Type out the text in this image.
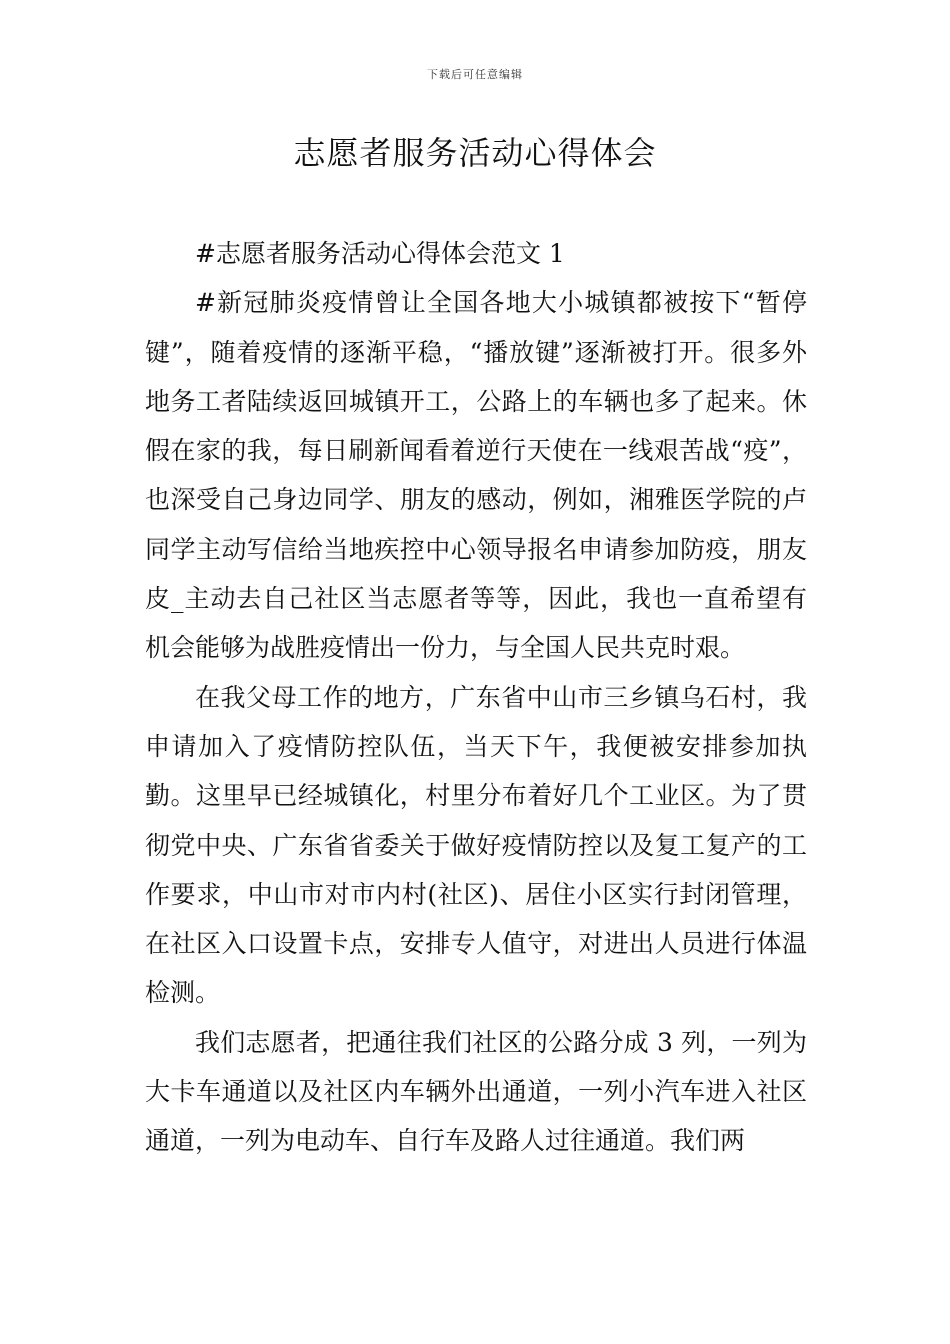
下载后可任意编辑
志愿者服务活动心得体会

#志愿者服务活动心得体会范文 1

#新冠肺炎疫情曾让全国各地大小城镇都被按下“暂停键”，随着疫情的逐渐平稳，“播放键”逐渐被打开。很多外地务工者陆续返回城镇开工，公路上的车辆也多了起来。休假在家的我，每日刷新闻看着逆行天使在一线艰苦战“疫”，也深受自己身边同学、朋友的感动，例如，湘雅医学院的卢同学主动写信给当地疾控中心领导报名申请参加防疫，朋友皮_主动去自己社区当志愿者等等，因此，我也一直希望有机会能够为战胜疫情出一份力，与全国人民共克时艰。

在我父母工作的地方，广东省中山市三乡镇乌石村，我申请加入了疫情防控队伍，当天下午，我便被安排参加执勤。这里早已经城镇化，村里分布着好几个工业区。为了贯彻党中央、广东省省委关于做好疫情防控以及复工复产的工作要求，中山市对市内村(社区)、居住小区实行封闭管理，在社区入口设置卡点，安排专人值守，对进出人员进行体温检测。

我们志愿者，把通往我们社区的公路分成 3 列，一列为大卡车通道以及社区内车辆外出通道，一列小汽车进入社区通道，一列为电动车、自行车及路人过往通道。我们两
